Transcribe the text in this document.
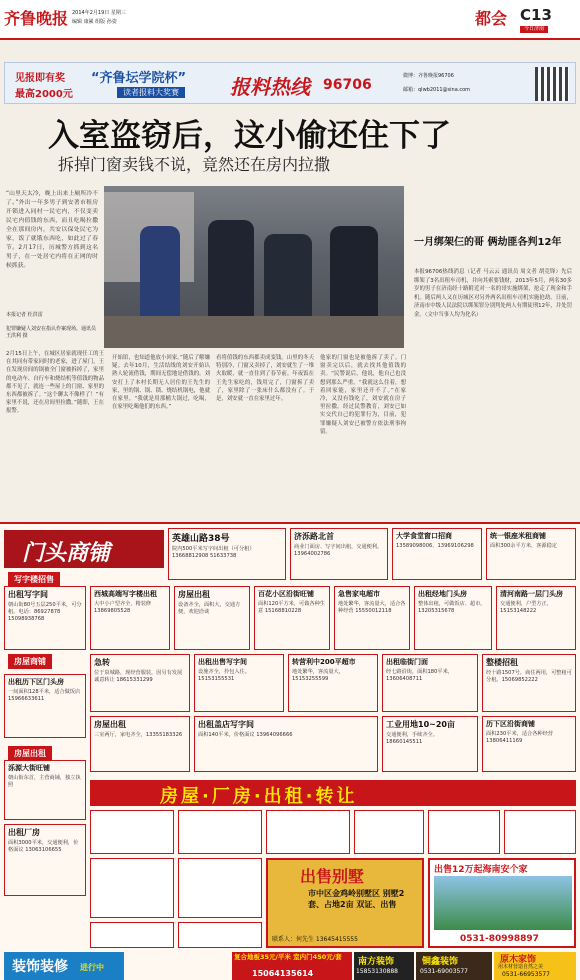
齐鲁晚报 2014年2月19日 星期三
编辑 康累 组版 孙姿	都会 C13
今日济南
见报即有奖
最高2000元
“齐鲁坛学院杯”
读者报料大奖赛	报料热线 96706
微博：齐鲁晚报96706
邮箱：qlwb2011@sina.com
入室盗窃后，这小偷还住下了
拆掉门窗卖钱不说，竟然还在房内拉撒
“山里天太冷，晚上出来上厕所冷不了。”外出一年多男子到安著市租房开锁进入同村一民宅内，不仅变卖民宅内值钱的东西，而且吃喝拉撒全在那间房内，共安以保处民宅为家，饭了就饿东西吃，如此过了春节。2月17日，历城警方抓到这名男子，在一处居宅内将在正网的时候抓获。
本报记者 杜洪雷
犯罪嫌疑人刘安在指认作案现场。通讯员 王洪利 摄
一月绑架仨的哥 俩劫匪各判12年
本报96706热线消息（记者 马云云 通讯员 周文者 胡竞锋）先后绑架了3名出租车司机，并向其索要钱财，2013年5月，两名30多岁的男子在济南经十路附近对一名的哥实施绑架，抢走了现金和手机。随后两人又在历城区对另外两名出租车司机实施抢劫。日前，济南市中级人民法院以绑架罪分别判处两人有期徒刑12年，并处罚金。（文中当事人均为化名）
2月15日上午，在城区居家就现任工的王在其同有带家同时的老家，进了屋门，王在发现房间的锅被全门窗被拆掉了，家里的电动车、自行车和烧结机等值钱的物品都不见了，就连一些屋上的门窗、家里的东西都被拆了。“这个聊太不像样了！”有家里不说，还在房间里拉撒。”随即，王在报警。
开始馆，也知道他放小回家。”随后了解嫌疑。去年10月，生活结线的刘安开始认熟人轮流借钱，期间无偿地是借钱的。刘安打上了本村长期无人居住的王先生的家，里的锅、锅、锁、烧结机锅电，他就在家里。“我就是用那桶大锅过，吃喝，在家里吃喝他们的东西。”
看将值钱的东西都卖成变钱。山里的冬天特别冷，门窗又卖掉了，刘安就生了一堆火取暖，就一直住到了春节前。年夜饭在王先生家吃的，钱用完了，门窗拆了卖了，家里除了一张床什么都没有了。于是，刘安就一直在家里过年。
他家的门窗也是被他拆了卖了。门窗卖完以后，就去找其他值钱的卖。“民警说后，他说，他自己也没想到那么严重。“我就这么住着，想着回家能，家里还开不了。”在家冷，又没有钱吃了，刘安就在房子里拉撒。经过民警教育，刘安已如实交代自己的犯罪行为，目前，犯罪嫌疑人刘安已被警方依法刑事拘留。
门头商铺
写字楼招售
房屋商铺
房屋出租
英雄山路38号
院内500平米写字间出租（可分租）13668812908 51633738
济泺路北首
商业门面房、写字间出租，交通便利。13964002786
大学食堂窗口招商
13589098006、13969106298
统一银座米租商铺
面积300余平方米，客源稳定
出租写字间
朝山街80号五层250平米，可分租。电话：86927878 15098938768
西城高端写字楼出租
大中小户型齐全，精装修 13869805528
房屋出租
设备齐全，面积大，交通方便，欢迎洽谈
百花小区沿街旺铺
面积120平方米，可做各种生意 15168810228
急售家电超市
地处繁华，客流量大，适合各种经营 15550012118
出租经地门头房
整体出租，可做饭店、超市。13205315678
清河南路一层门头房
交通便利，户型方正，15153148222
急转
位于泉城路，现经营服装，因另有发展诚意转让 18615331299
出租出售写字间
设施齐全，拎包入住。15153155531
转营利中200平超市
地处繁华，客流量大，15153255599
出租临街门面
经七路沿街，面积180平米，13606408711
整楼招租
经十路1507号，商住两用，可整租可分租。15069852222
出租历下区门头房
一间面积128平米，适合做饭店 15966633611
房屋出租
三室两厅，家电齐全，13355183326
出租盖店写字间
面积140平米，价格面议 13964096666
工业用地10~20亩
交通便利，手续齐全。18660145511
历下区沿街商铺
面积230平米，适合各种经营 13806411169
房屋·厂房·出租·转让
泺源大街旺铺
朝山街东首，主营商铺，独立执照
出租厂房
面积3000平米，交通便利，价格面议 13063106655
出售别墅
市中区金鸡岭别墅区 别墅2套、占地2亩 双证、出售
联系人：何先生 13645415555
出售12万起海南安个家
0531-80998897
装饰装修 进行中
复合地板35元/平米 室内门450元/套
15064135614
南方装饰
15853130888
铜鑫装饰
0531-69003577
原木家饰
用木材营造自然之美
0531-66953577
